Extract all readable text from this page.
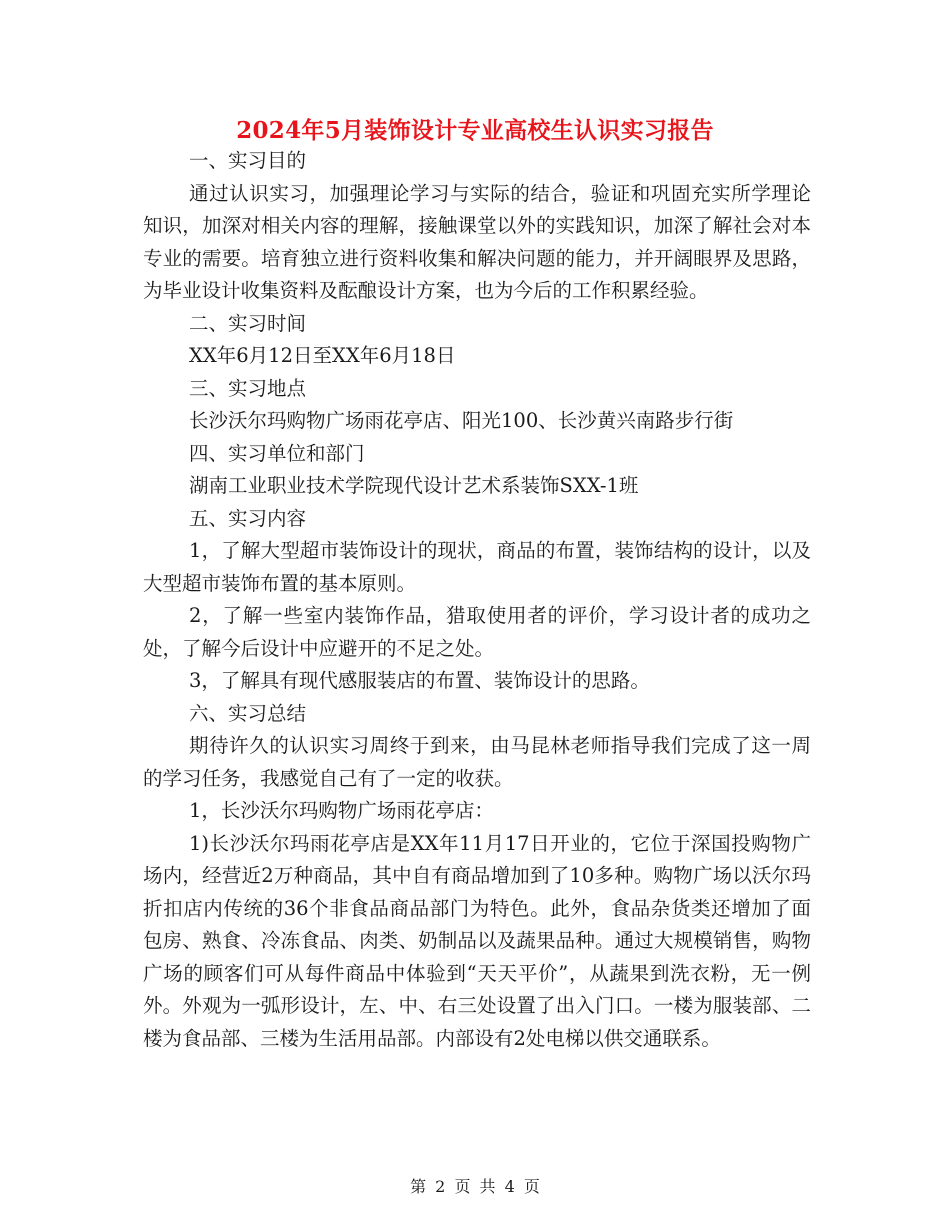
2024年5月装饰设计专业高校生认识实习报告

一、实习目的

通过认识实习，加强理论学习与实际的结合，验证和巩固充实所学理论知识，加深对相关内容的理解，接触课堂以外的实践知识，加深了解社会对本专业的需要。培育独立进行资料收集和解决问题的能力，并开阔眼界及思路，为毕业设计收集资料及酝酿设计方案，也为今后的工作积累经验。

二、实习时间

XX年6月12日至XX年6月18日

三、实习地点

长沙沃尔玛购物广场雨花亭店、阳光100、长沙黄兴南路步行街

四、实习单位和部门

湖南工业职业技术学院现代设计艺术系装饰SXX-1班

五、实习内容

1，了解大型超市装饰设计的现状，商品的布置，装饰结构的设计，以及大型超市装饰布置的基本原则。

2，了解一些室内装饰作品，猎取使用者的评价，学习设计者的成功之处，了解今后设计中应避开的不足之处。

3，了解具有现代感服装店的布置、装饰设计的思路。

六、实习总结

期待许久的认识实习周终于到来，由马昆林老师指导我们完成了这一周的学习任务，我感觉自己有了一定的收获。

1，长沙沃尔玛购物广场雨花亭店：

1)长沙沃尔玛雨花亭店是XX年11月17日开业的，它位于深国投购物广场内，经营近2万种商品，其中自有商品增加到了10多种。购物广场以沃尔玛折扣店内传统的36个非食品商品部门为特色。此外，食品杂货类还增加了面包房、熟食、冷冻食品、肉类、奶制品以及蔬果品种。通过大规模销售，购物广场的顾客们可从每件商品中体验到“天天平价”，从蔬果到洗衣粉，无一例外。外观为一弧形设计，左、中、右三处设置了出入门口。一楼为服装部、二楼为食品部、三楼为生活用品部。内部设有2处电梯以供交通联系。

第 2 页 共 4 页
